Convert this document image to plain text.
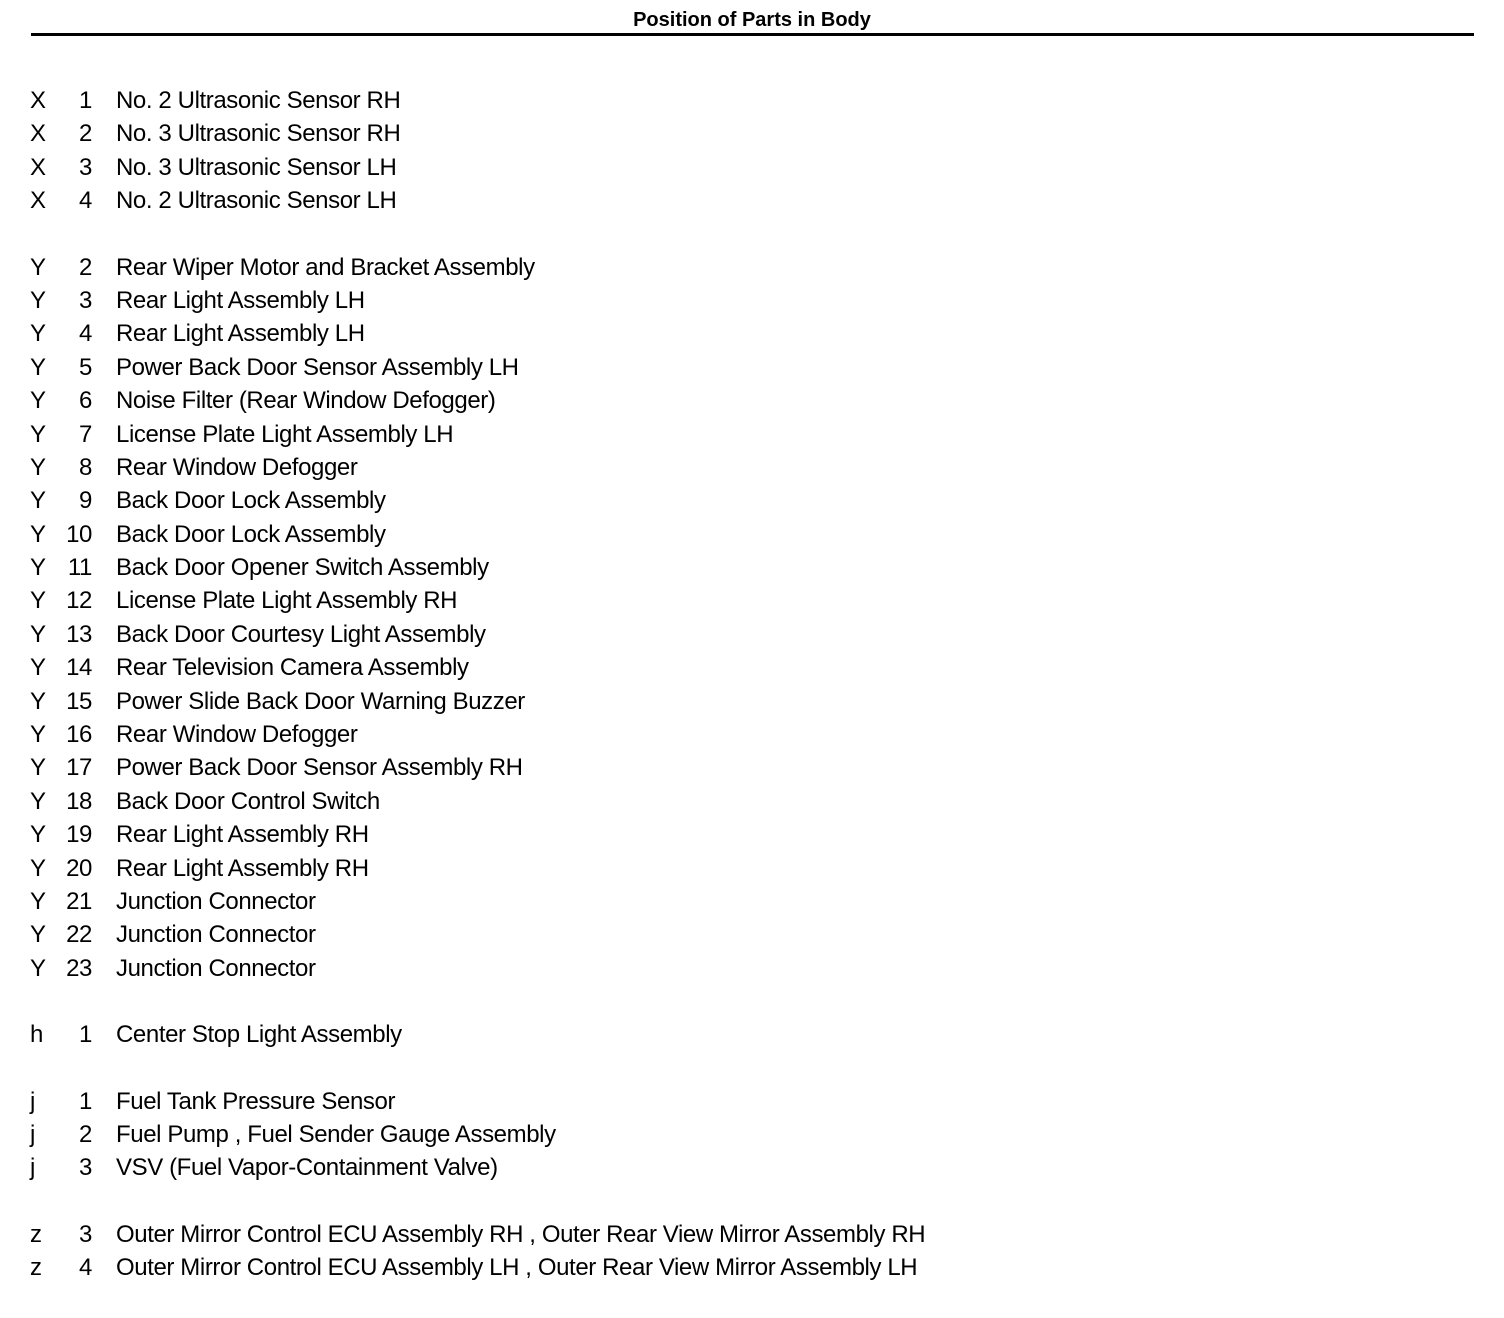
Position of Parts in Body
X	1 No. 2 Ultrasonic Sensor RH
X	2 No. 3 Ultrasonic Sensor RH
X	3 No. 3 Ultrasonic Sensor LH
X	4 No. 2 Ultrasonic Sensor LH
Y	2 Rear Wiper Motor and Bracket Assembly
Y	3 Rear Light Assembly LH
Y	4 Rear Light Assembly LH
Y	5 Power Back Door Sensor Assembly LH
Y	6 Noise Filter (Rear Window Defogger)
Y	7 License Plate Light Assembly LH
Y	8 Rear Window Defogger
Y	9 Back Door Lock Assembly
Y 10 Back Door Lock Assembly
Y 11 Back Door Opener Switch Assembly
Y 12 License Plate Light Assembly RH
Y 13 Back Door Courtesy Light Assembly
Y 14 Rear Television Camera Assembly
Y 15 Power Slide Back Door Warning Buzzer
Y 16 Rear Window Defogger
Y 17 Power Back Door Sensor Assembly RH
Y 18 Back Door Control Switch
Y 19 Rear Light Assembly RH
Y 20 Rear Light Assembly RH
Y 21 Junction Connector
Y 22 Junction Connector
Y 23 Junction Connector
h	1 Center Stop Light Assembly
j	1 Fuel Tank Pressure Sensor
j	2 Fuel Pump , Fuel Sender Gauge Assembly
j	3 VSV (Fuel Vapor-Containment Valve)
z	3 Outer Mirror Control ECU Assembly RH , Outer Rear View Mirror Assembly RH
z	4 Outer Mirror Control ECU Assembly LH , Outer Rear View Mirror Assembly LH
